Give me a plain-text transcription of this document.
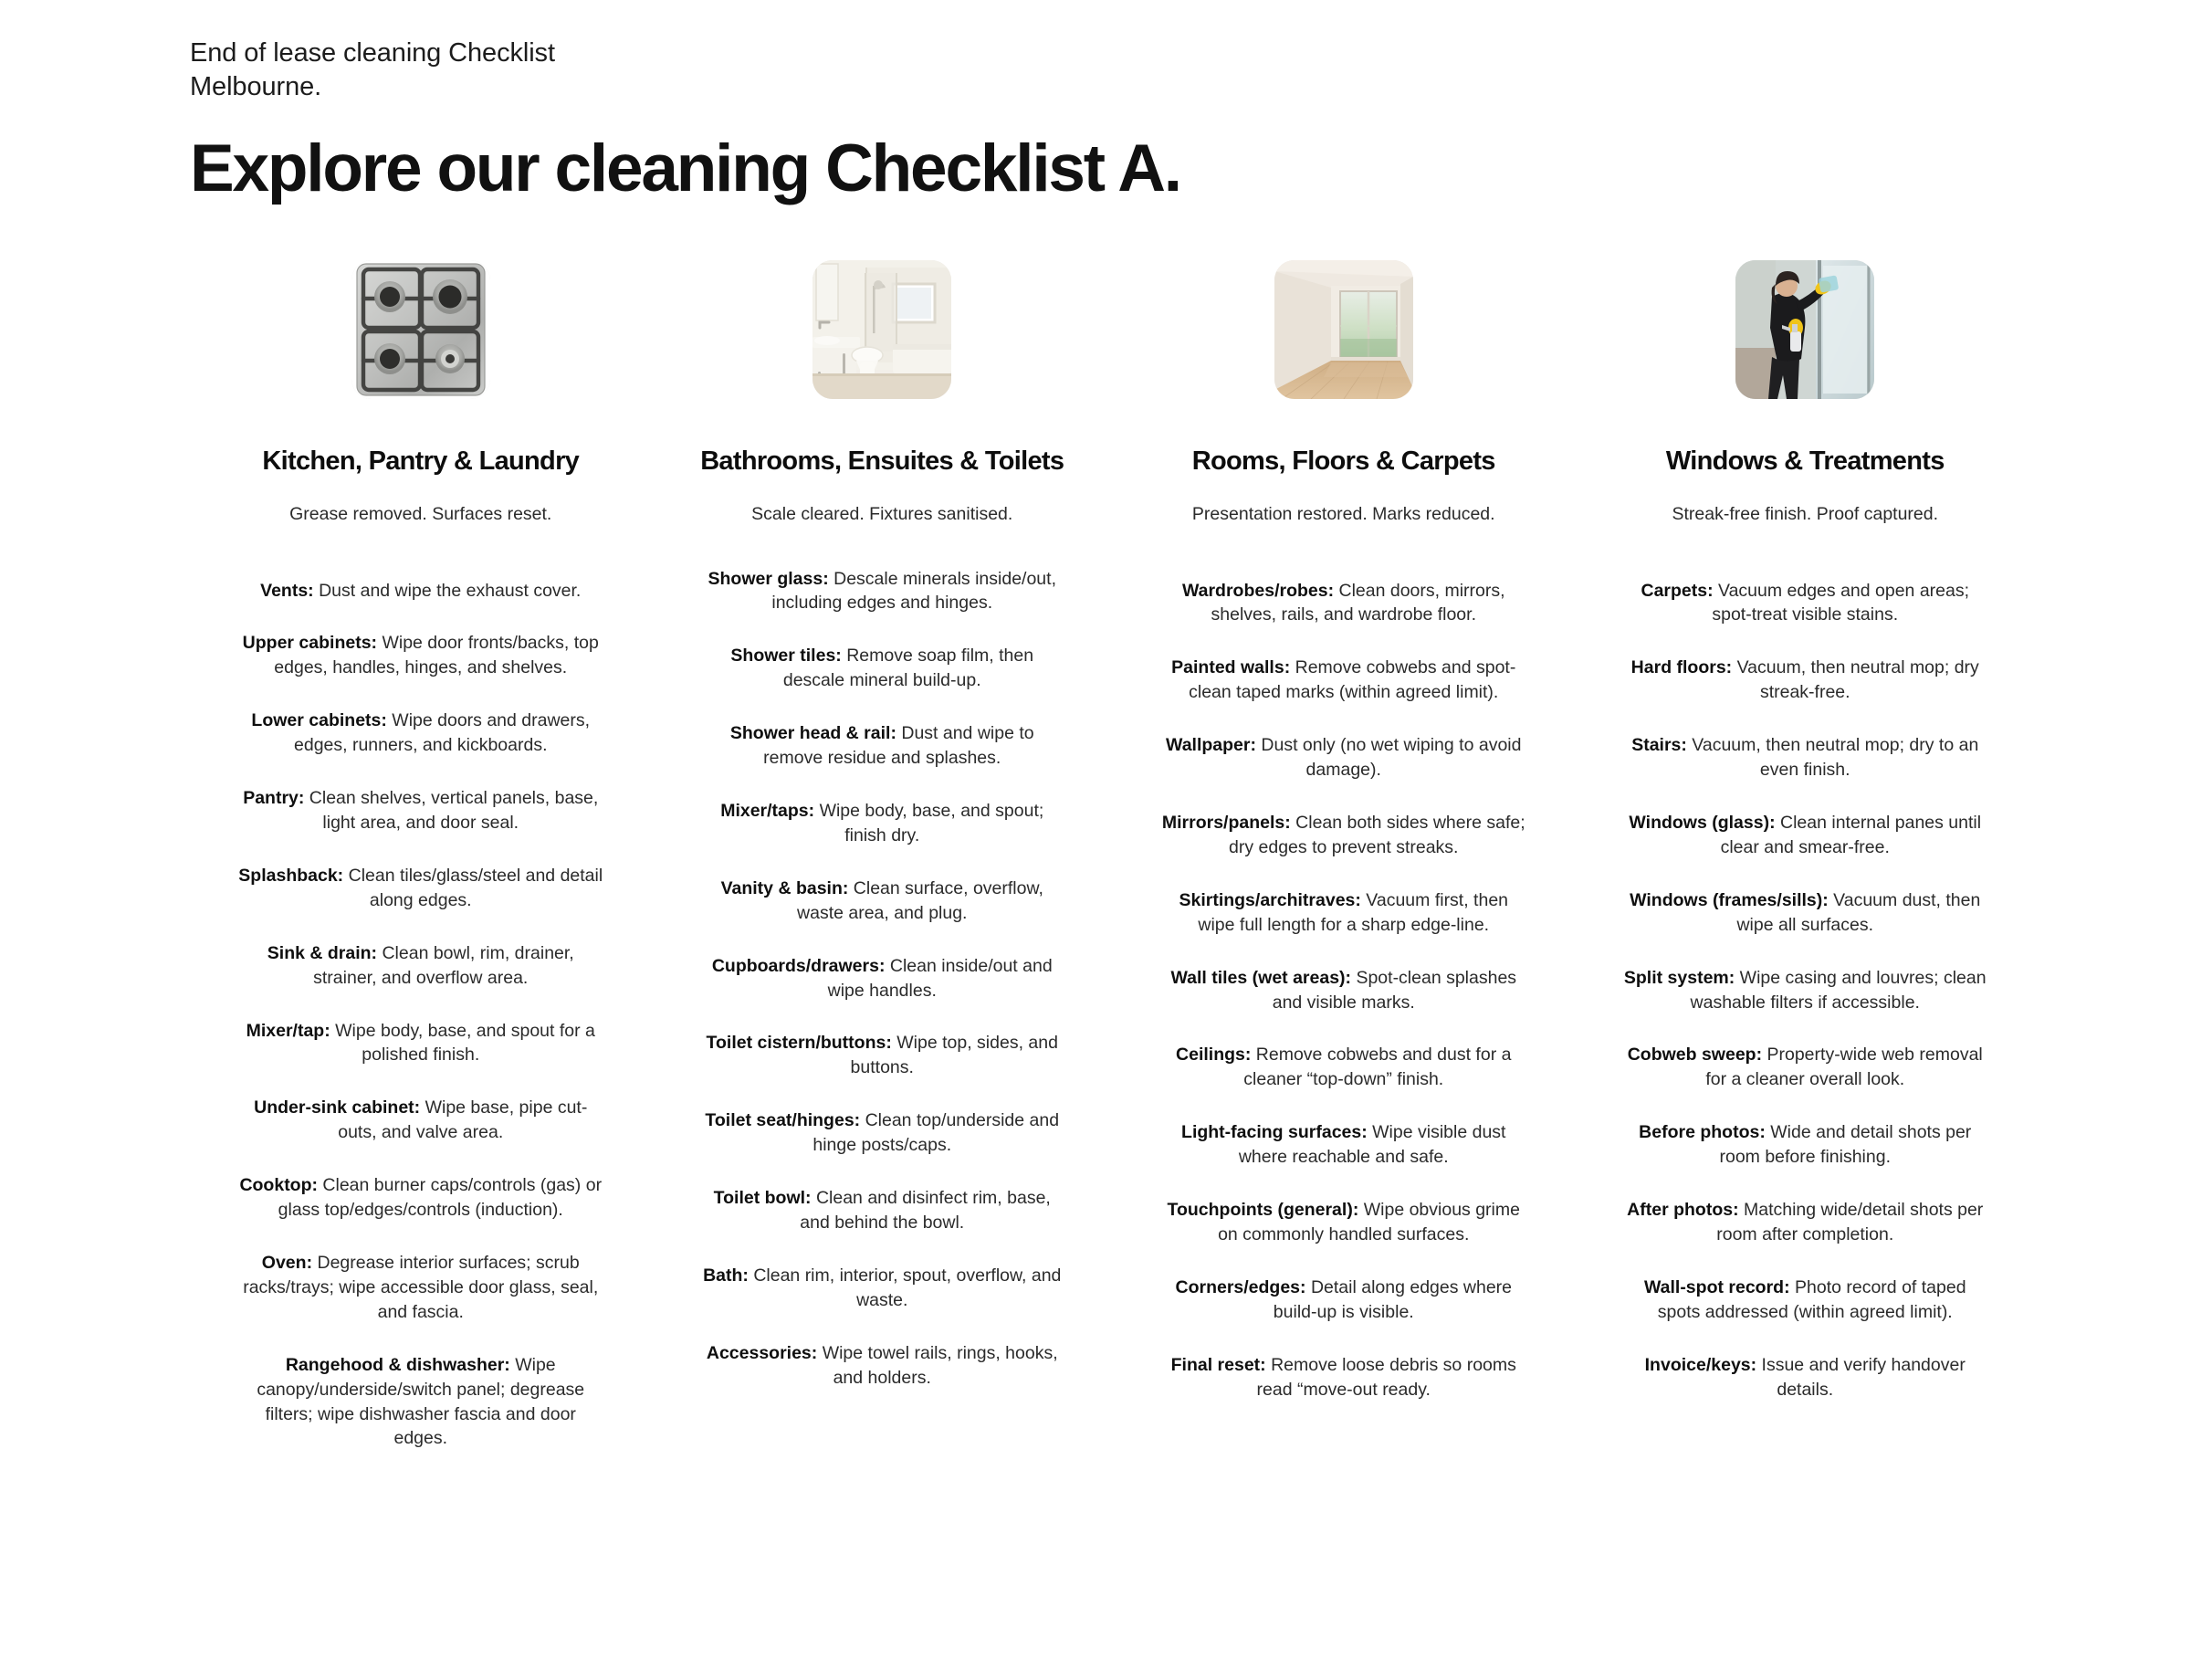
End of lease cleaning Checklist Melbourne.
Explore our cleaning Checklist A.
Kitchen, Pantry & Laundry
Grease removed. Surfaces reset.
Vents: Dust and wipe the exhaust cover.
Upper cabinets: Wipe door fronts/backs, top edges, handles, hinges, and shelves.
Lower cabinets: Wipe doors and drawers, edges, runners, and kickboards.
Pantry: Clean shelves, vertical panels, base, light area, and door seal.
Splashback: Clean tiles/glass/steel and detail along edges.
Sink & drain: Clean bowl, rim, drainer, strainer, and overflow area.
Mixer/tap: Wipe body, base, and spout for a polished finish.
Under-sink cabinet: Wipe base, pipe cut-outs, and valve area.
Cooktop: Clean burner caps/controls (gas) or glass top/edges/controls (induction).
Oven: Degrease interior surfaces; scrub racks/trays; wipe accessible door glass, seal, and fascia.
Rangehood & dishwasher: Wipe canopy/underside/switch panel; degrease filters; wipe dishwasher fascia and door edges.
Bathrooms, Ensuites & Toilets
Scale cleared. Fixtures sanitised.
Shower glass: Descale minerals inside/out, including edges and hinges.
Shower tiles: Remove soap film, then descale mineral build-up.
Shower head & rail: Dust and wipe to remove residue and splashes.
Mixer/taps: Wipe body, base, and spout; finish dry.
Vanity & basin: Clean surface, overflow, waste area, and plug.
Cupboards/drawers: Clean inside/out and wipe handles.
Toilet cistern/buttons: Wipe top, sides, and buttons.
Toilet seat/hinges: Clean top/underside and hinge posts/caps.
Toilet bowl: Clean and disinfect rim, base, and behind the bowl.
Bath: Clean rim, interior, spout, overflow, and waste.
Accessories: Wipe towel rails, rings, hooks, and holders.
Rooms, Floors & Carpets
Presentation restored. Marks reduced.
Wardrobes/robes: Clean doors, mirrors, shelves, rails, and wardrobe floor.
Painted walls: Remove cobwebs and spot-clean taped marks (within agreed limit).
Wallpaper: Dust only (no wet wiping to avoid damage).
Mirrors/panels: Clean both sides where safe; dry edges to prevent streaks.
Skirtings/architraves: Vacuum first, then wipe full length for a sharp edge-line.
Wall tiles (wet areas): Spot-clean splashes and visible marks.
Ceilings: Remove cobwebs and dust for a cleaner “top-down” finish.
Light-facing surfaces: Wipe visible dust where reachable and safe.
Touchpoints (general): Wipe obvious grime on commonly handled surfaces.
Corners/edges: Detail along edges where build-up is visible.
Final reset: Remove loose debris so rooms read “move-out ready.
Windows & Treatments
Streak-free finish. Proof captured.
Carpets: Vacuum edges and open areas; spot-treat visible stains.
Hard floors: Vacuum, then neutral mop; dry streak-free.
Stairs: Vacuum, then neutral mop; dry to an even finish.
Windows (glass): Clean internal panes until clear and smear-free.
Windows (frames/sills): Vacuum dust, then wipe all surfaces.
Split system: Wipe casing and louvres; clean washable filters if accessible.
Cobweb sweep: Property-wide web removal for a cleaner overall look.
Before photos: Wide and detail shots per room before finishing.
After photos: Matching wide/detail shots per room after completion.
Wall-spot record: Photo record of taped spots addressed (within agreed limit).
Invoice/keys: Issue and verify handover details.
